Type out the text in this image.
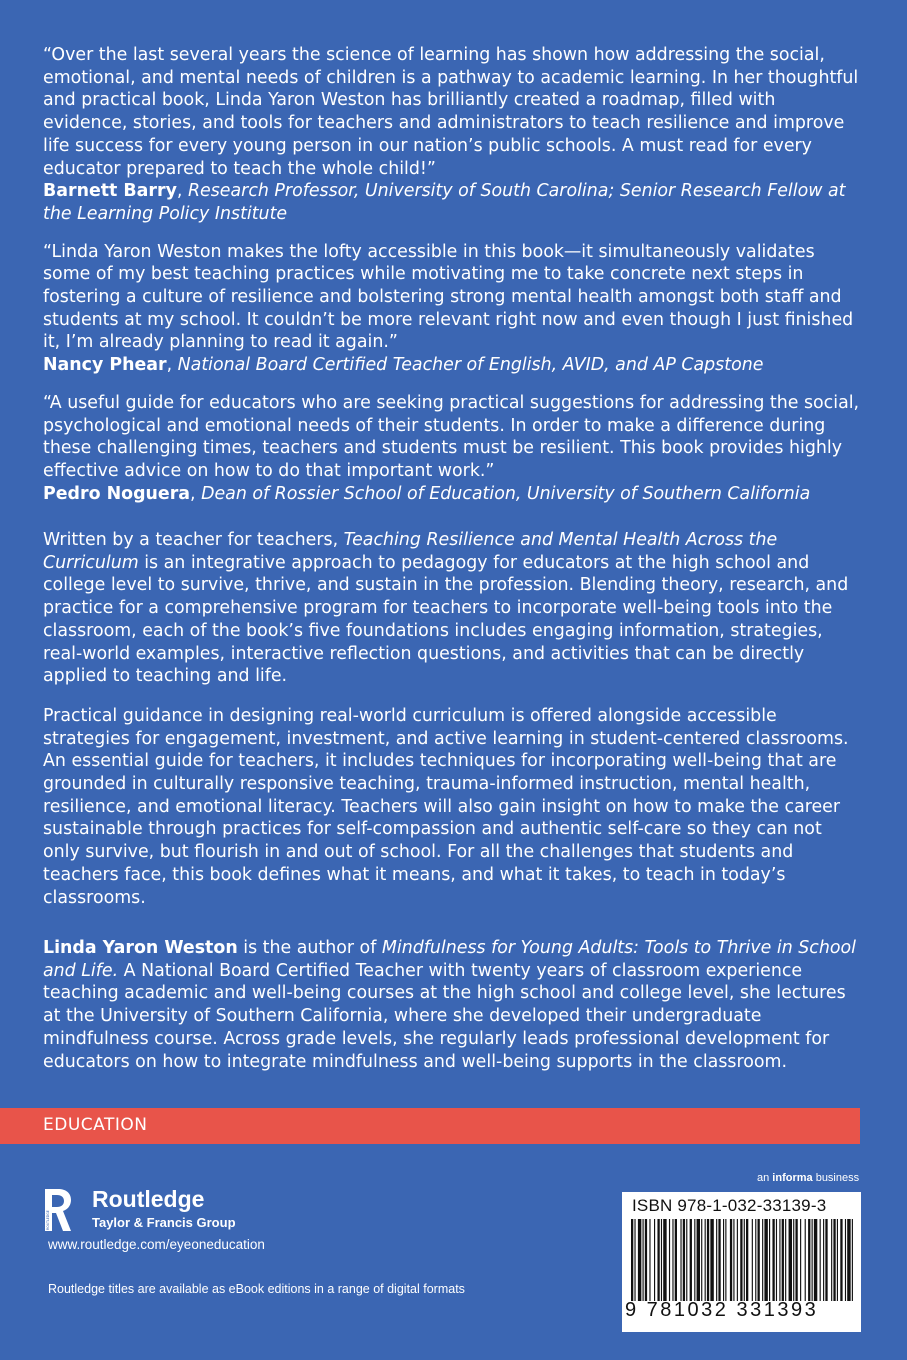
“Over the last several years the science of learning has shown how addressing the social, emotional, and mental needs of children is a pathway to academic learning. In her thoughtful and practical book, Linda Yaron Weston has brilliantly created a roadmap, filled with evidence, stories, and tools for teachers and administrators to teach resilience and improve life success for every young person in our nation’s public schools. A must read for every educator prepared to teach the whole child!”

Barnett Barry, Research Professor, University of South Carolina; Senior Research Fellow at the Learning Policy Institute

“Linda Yaron Weston makes the lofty accessible in this book—it simultaneously validates some of my best teaching practices while motivating me to take concrete next steps in fostering a culture of resilience and bolstering strong mental health amongst both staff and students at my school. It couldn’t be more relevant right now and even though I just finished it, I’m already planning to read it again.”

Nancy Phear, National Board Certified Teacher of English, AVID, and AP Capstone

“A useful guide for educators who are seeking practical suggestions for addressing the social, psychological and emotional needs of their students. In order to make a difference during these challenging times, teachers and students must be resilient. This book provides highly effective advice on how to do that important work.”

Pedro Noguera, Dean of Rossier School of Education, University of Southern California

Written by a teacher for teachers, Teaching Resilience and Mental Health Across the Curriculum is an integrative approach to pedagogy for educators at the high school and college level to survive, thrive, and sustain in the profession. Blending theory, research, and practice for a comprehensive program for teachers to incorporate well-being tools into the classroom, each of the book’s five foundations includes engaging information, strategies, real-world examples, interactive reflection questions, and activities that can be directly applied to teaching and life.

Practical guidance in designing real-world curriculum is offered alongside accessible strategies for engagement, investment, and active learning in student-centered classrooms. An essential guide for teachers, it includes techniques for incorporating well-being that are grounded in culturally responsive teaching, trauma-informed instruction, mental health, resilience, and emotional literacy. Teachers will also gain insight on how to make the career sustainable through practices for self-compassion and authentic self-care so they can not only survive, but flourish in and out of school. For all the challenges that students and teachers face, this book defines what it means, and what it takes, to teach in today’s classrooms.

Linda Yaron Weston is the author of Mindfulness for Young Adults: Tools to Thrive in School and Life. A National Board Certified Teacher with twenty years of classroom experience teaching academic and well-being courses at the high school and college level, she lectures at the University of Southern California, where she developed their undergraduate mindfulness course. Across grade levels, she regularly leads professional development for educators on how to integrate mindfulness and well-being supports in the classroom.

EDUCATION
ROUTLEDGE
Routledge
Taylor & Francis Group
www.routledge.com/eyeoneducation
Routledge titles are available as eBook editions in a range of digital formats
an informa business
ISBN 978-1-032-33139-3
9 781032 331393
